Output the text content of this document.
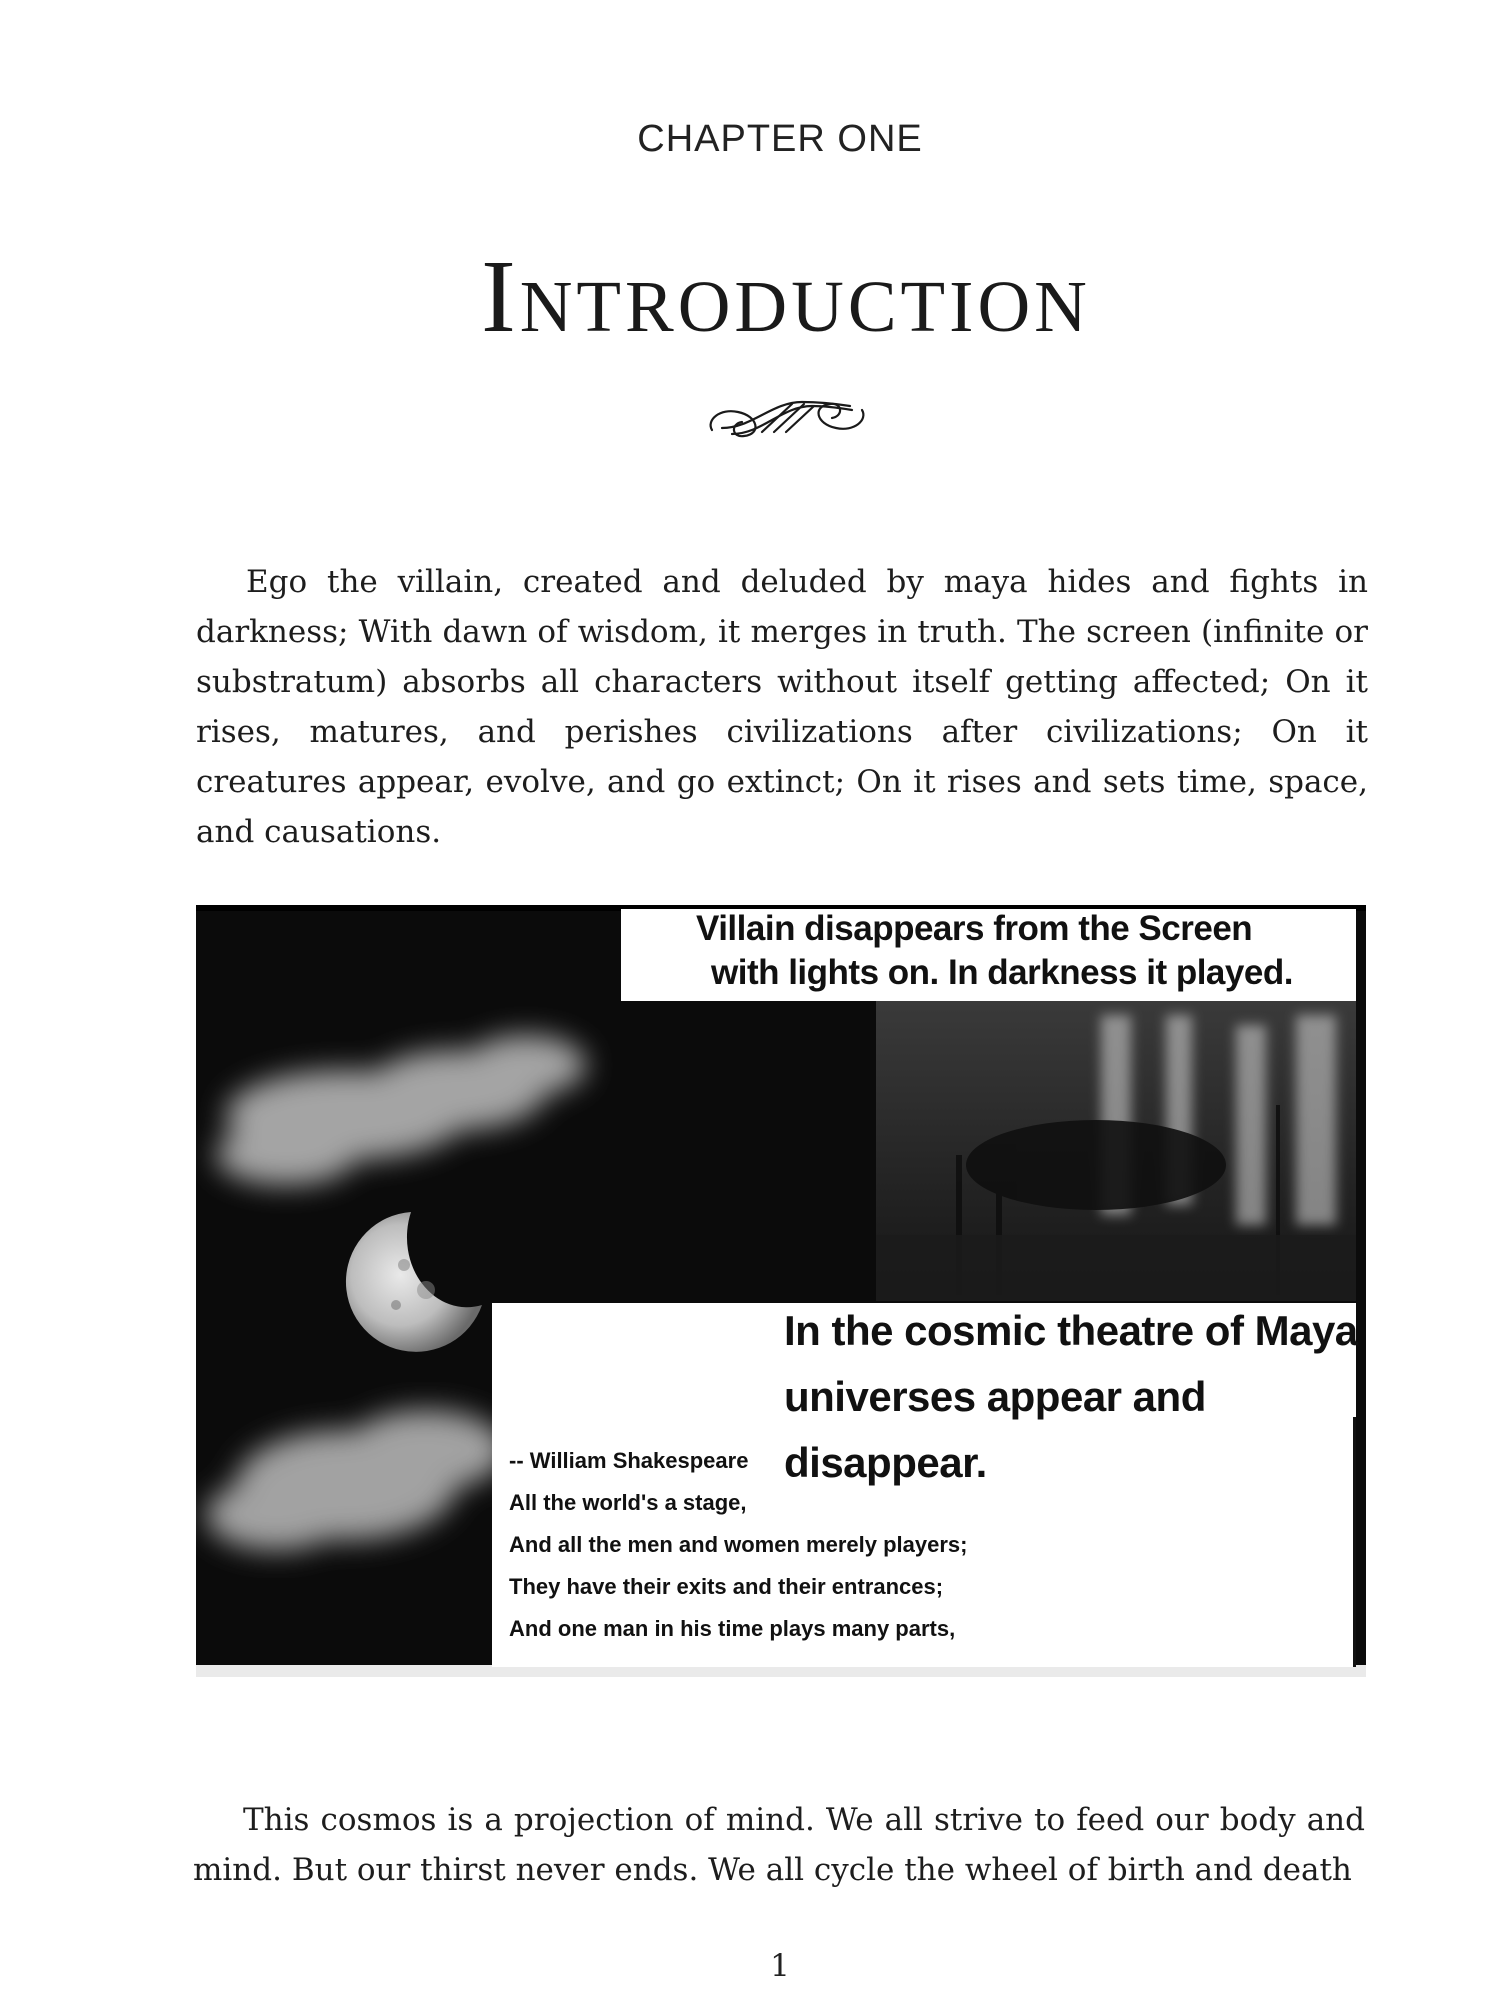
CHAPTER ONE
Introduction

Ego the villain, created and deluded by maya hides and fights in darkness; With dawn of wisdom, it merges in truth. The screen (infinite or substratum) absorbs all characters without itself getting affected; On it rises, matures, and perishes civilizations after civilizations; On it creatures appear, evolve, and go extinct; On it rises and sets time, space, and causations.

Villain disappears from the Screen
with lights on. In darkness it played.
In the cosmic theatre of Maya
universes appear and disappear.
-- William Shakespeare
All the world's a stage,
And all the men and women merely players;
They have their exits and their entrances;
And one man in his time plays many parts,

This cosmos is a projection of mind. We all strive to feed our body and mind. But our thirst never ends. We all cycle the wheel of birth and death

1
